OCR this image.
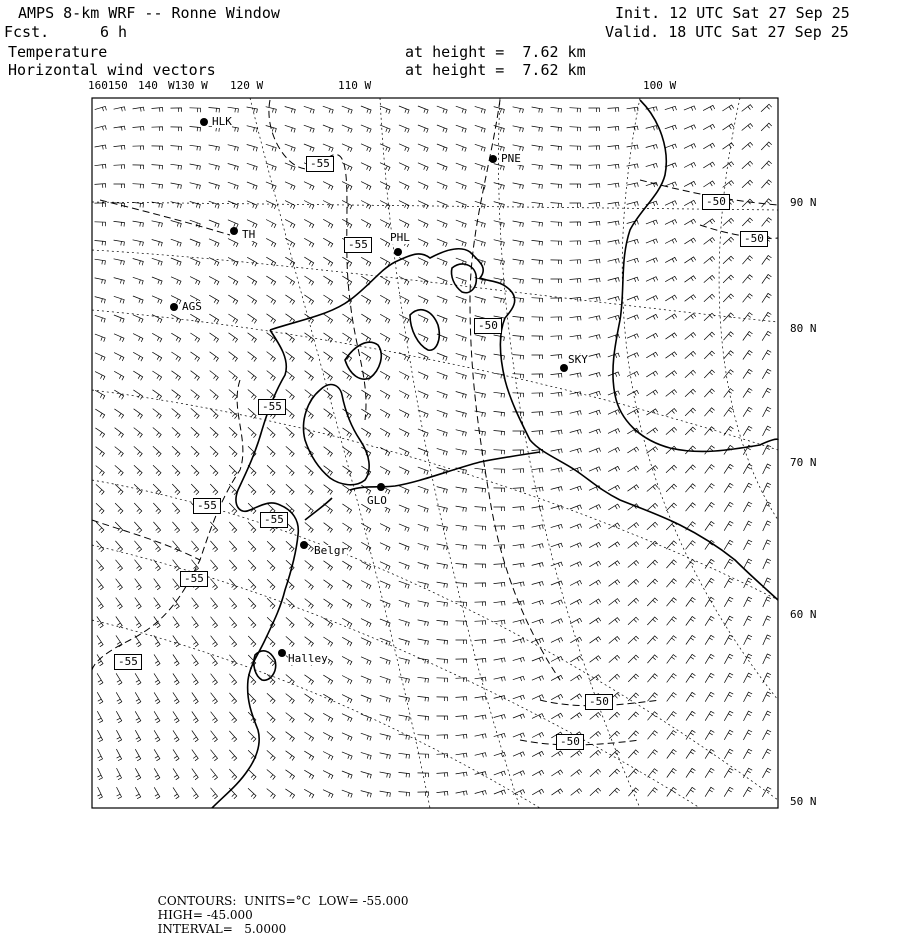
AMPS 8-km WRF -- Ronne Window	Init. 12 UTC Sat 27 Sep 25
Fcst.	6 h	Valid. 18 UTC Sat 27 Sep 25
Temperature
Horizontal wind vectors
at height =  7.62 km
at height =  7.62 km
160150 140 W130 W 120 W	110 W	100 W
90 N
80 N
70 N
60 N
50 N
HLK
PNE
TH	PHL
AGS
SKY
GLO
Belgr
Halley
-55
-55
-50
-50
-50
-55
-55
-55
-55
-55
-50
-50

CONTOURS:  UNITS=°C  LOW= -55.000
HIGH= -45.000
INTERVAL=   5.0000
